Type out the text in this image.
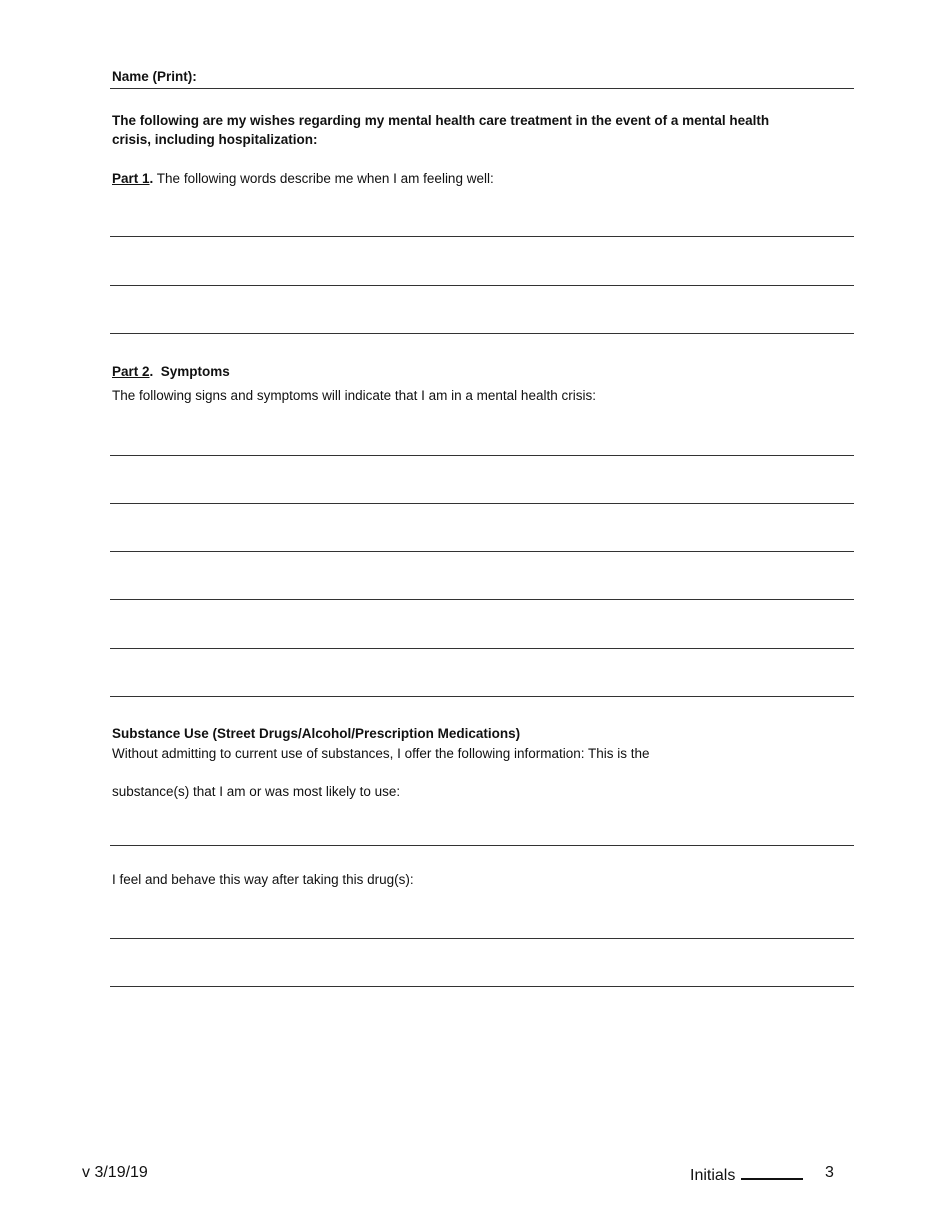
Name (Print):
The following are my wishes regarding my mental health care treatment in the event of a mental health
crisis, including hospitalization:
Part 1. The following words describe me when I am feeling well:
Part 2.  Symptoms
The following signs and symptoms will indicate that I am in a mental health crisis:
Substance Use (Street Drugs/Alcohol/Prescription Medications)
Without admitting to current use of substances, I offer the following information: This is the
substance(s) that I am or was most likely to use:
I feel and behave this way after taking this drug(s):
v 3/19/19	Initials	3
